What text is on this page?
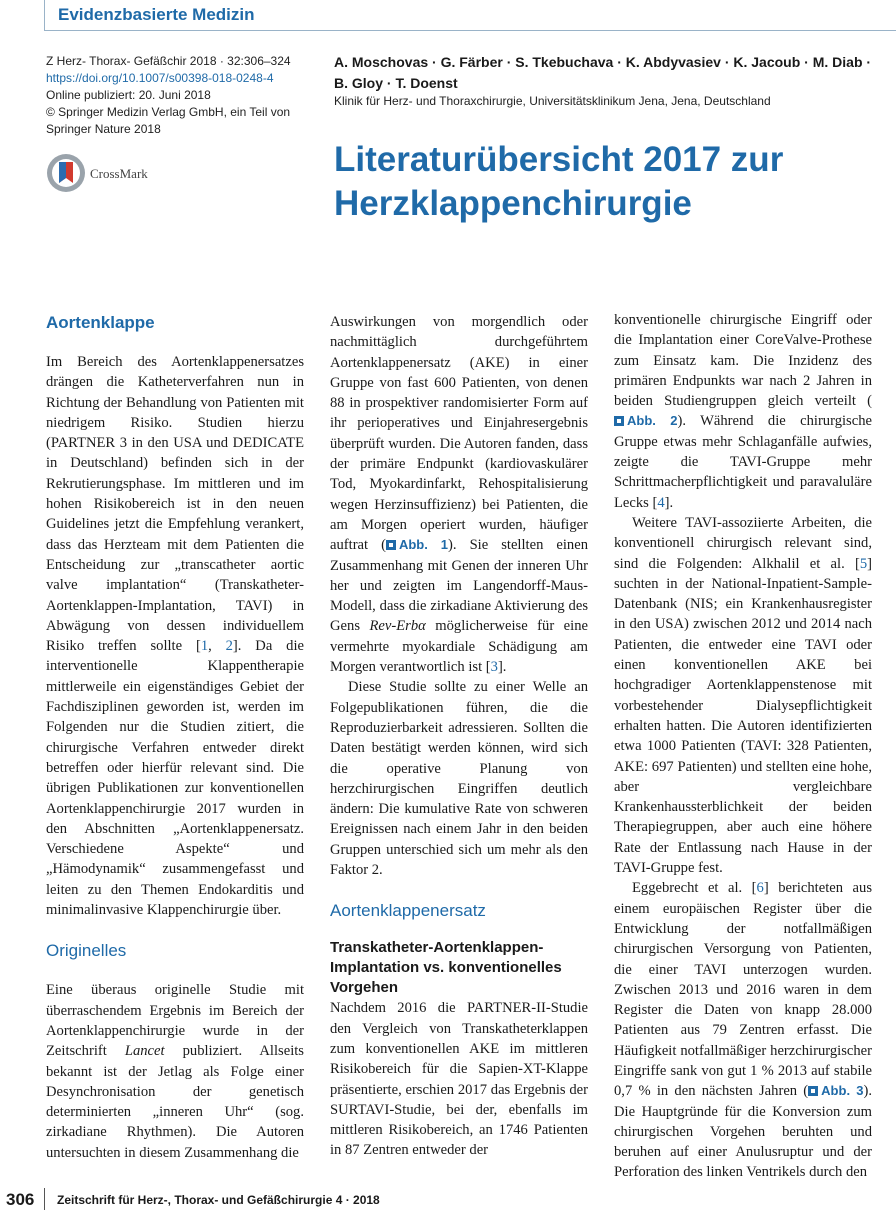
Evidenzbasierte Medizin
Z Herz- Thorax- Gefäßchir 2018 · 32:306–324
https://doi.org/10.1007/s00398-018-0248-4
Online publiziert: 20. Juni 2018
© Springer Medizin Verlag GmbH, ein Teil von
Springer Nature 2018
CrossMark
A. Moschovas · G. Färber · S. Tkebuchava · K. Abdyvasiev · K. Jacoub · M. Diab · B. Gloy · T. Doenst
Klinik für Herz- und Thoraxchirurgie, Universitätsklinikum Jena, Jena, Deutschland
Literaturübersicht 2017 zur Herzklappenchirurgie
Aortenklappe

Im Bereich des Aortenklappenersatzes drängen die Katheterverfahren nun in Richtung der Behandlung von Patienten mit niedrigem Risiko. Studien hierzu (PARTNER 3 in den USA und DEDICATE in Deutschland) befinden sich in der Rekrutierungsphase. Im mittleren und im hohen Risikobereich ist in den neuen Guidelines jetzt die Empfehlung verankert, dass das Herzteam mit dem Patienten die Entscheidung zur „transcatheter aortic valve implantation“ (Transkatheter-Aortenklappen-Implantation, TAVI) in Abwägung von dessen individuellem Risiko treffen sollte [1, 2]. Da die interventionelle Klappentherapie mittlerweile ein eigenständiges Gebiet der Fachdisziplinen geworden ist, werden im Folgenden nur die Studien zitiert, die chirurgische Verfahren entweder direkt betreffen oder hierfür relevant sind. Die übrigen Publikationen zur konventionellen Aortenklappenchirurgie 2017 wurden in den Abschnitten „Aortenklappenersatz. Verschiedene Aspekte“ und „Hämodynamik“ zusammengefasst und leiten zu den Themen Endokarditis und minimalinvasive Klappenchirurgie über.

Originelles

Eine überaus originelle Studie mit überraschendem Ergebnis im Bereich der Aortenklappenchirurgie wurde in der Zeitschrift Lancet publiziert. Allseits bekannt ist der Jetlag als Folge einer Desynchronisation der genetisch determinierten „inneren Uhr“ (sog. zirkadiane Rhythmen). Die Autoren untersuchten in diesem Zusammenhang die

Auswirkungen von morgendlich oder nachmittäglich durchgeführtem Aortenklappenersatz (AKE) in einer Gruppe von fast 600 Patienten, von denen 88 in prospektiver randomisierter Form auf ihr perioperatives und Einjahresergebnis überprüft wurden. Die Autoren fanden, dass der primäre Endpunkt (kardiovaskulärer Tod, Myokardinfarkt, Rehospitalisierung wegen Herzinsuffizienz) bei Patienten, die am Morgen operiert wurden, häufiger auftrat ( Abb. 1). Sie stellten einen Zusammenhang mit Genen der inneren Uhr her und zeigten im Langendorff-Maus-Modell, dass die zirkadiane Aktivierung des Gens Rev-Erbα möglicherweise für eine vermehrte myokardiale Schädigung am Morgen verantwortlich ist [3].

Diese Studie sollte zu einer Welle an Folgepublikationen führen, die die Reproduzierbarkeit adressieren. Sollten die Daten bestätigt werden können, wird sich die operative Planung von herzchirurgischen Eingriffen deutlich ändern: Die kumulative Rate von schweren Ereignissen nach einem Jahr in den beiden Gruppen unterschied sich um mehr als den Faktor 2.

Aortenklappenersatz
Transkatheter-Aortenklappen-Implantation vs. konventionelles Vorgehen

Nachdem 2016 die PARTNER-II-Studie den Vergleich von Transkatheterklappen zum konventionellen AKE im mittleren Risikobereich für die Sapien-XT-Klappe präsentierte, erschien 2017 das Ergebnis der SURTAVI-Studie, bei der, ebenfalls im mittleren Risikobereich, an 1746 Patienten in 87 Zentren entweder der

konventionelle chirurgische Eingriff oder die Implantation einer CoreValve-Prothese zum Einsatz kam. Die Inzidenz des primären Endpunkts war nach 2 Jahren in beiden Studiengruppen gleich verteilt (Abb. 2). Während die chirurgische Gruppe etwas mehr Schlaganfälle aufwies, zeigte die TAVI-Gruppe mehr Schrittmacherpflichtigkeit und paravaluläre Lecks [4].

Weitere TAVI-assoziierte Arbeiten, die konventionell chirurgisch relevant sind, sind die Folgenden: Alkhalil et al. [5] suchten in der National-Inpatient-Sample-Datenbank (NIS; ein Krankenhausregister in den USA) zwischen 2012 und 2014 nach Patienten, die entweder eine TAVI oder einen konventionellen AKE bei hochgradiger Aortenklappenstenose mit vorbestehender Dialysepflichtigkeit erhalten hatten. Die Autoren identifizierten etwa 1000 Patienten (TAVI: 328 Patienten, AKE: 697 Patienten) und stellten eine hohe, aber vergleichbare Krankenhaussterblichkeit der beiden Therapiegruppen, aber auch eine höhere Rate der Entlassung nach Hause in der TAVI-Gruppe fest.

Eggebrecht et al. [6] berichteten aus einem europäischen Register über die Entwicklung der notfallmäßigen chirurgischen Versorgung von Patienten, die einer TAVI unterzogen wurden. Zwischen 2013 und 2016 waren in dem Register die Daten von knapp 28.000 Patienten aus 79 Zentren erfasst. Die Häufigkeit notfallmäßiger herzchirurgischer Eingriffe sank von gut 1 % 2013 auf stabile 0,7 % in den nächsten Jahren ( Abb. 3). Die Hauptgründe für die Konversion zum chirurgischen Vorgehen beruhten und beruhen auf einer Anulusruptur und der Perforation des linken Ventrikels durch den

306 Zeitschrift für Herz-, Thorax- und Gefäßchirurgie 4 · 2018
